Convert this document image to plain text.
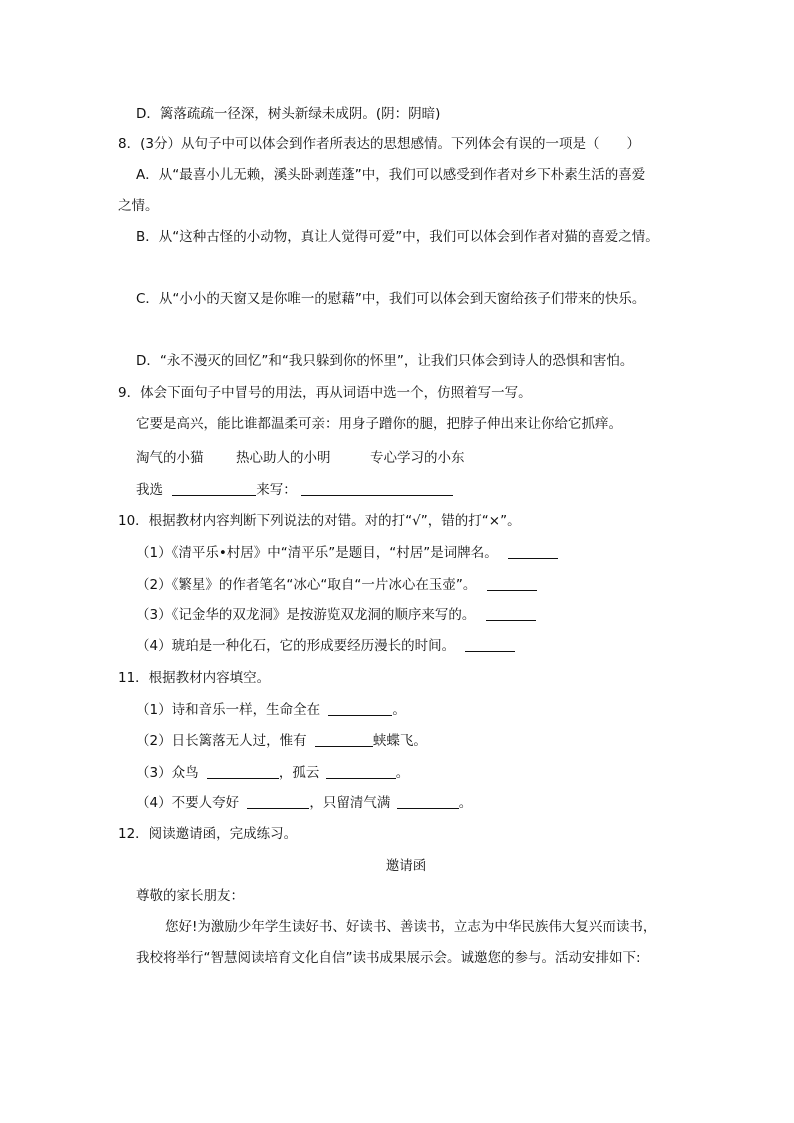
D．篱落疏疏一径深，树头新绿未成阴。(阴：阴暗)
8．(3分）从句子中可以体会到作者所表达的思想感情。下列体会有误的一项是（　　）
A．从“最喜小儿无赖，溪头卧剥莲蓬”中，我们可以感受到作者对乡下朴素生活的喜爱
之情。
B．从“这种古怪的小动物，真让人觉得可爱”中，我们可以体会到作者对猫的喜爱之情。
C．从“小小的天窗又是你唯一的慰藉”中，我们可以体会到天窗给孩子们带来的快乐。
D．“永不漫灭的回忆”和“我只躲到你的怀里”，让我们只体会到诗人的恐惧和害怕。
9．体会下面句子中冒号的用法，再从词语中选一个，仿照着写一写。
它要是高兴，能比谁都温柔可亲：用身子蹭你的腿，把脖子伸出来让你给它抓痒。
淘气的小猫 热心助人的小明	专心学习的小东
我选	来写：
10．根据教材内容判断下列说法的对错。对的打“√”，错的打“×”。
（1）《清平乐•村居》中“清平乐”是题目，“村居”是词牌名。
（2）《繁星》的作者笔名“冰心“取自“一片冰心在玉壶”。
（3）《记金华的双龙洞》是按游览双龙洞的顺序来写的。
（4）琥珀是一种化石，它的形成要经历漫长的时间。
11．根据教材内容填空。
（1）诗和音乐一样，生命全在	。
（2）日长篱落无人过，惟有	蛱蝶飞。
（3）众鸟	，孤云	。
（4）不要人夸好	，只留清气满	。
12．阅读邀请函，完成练习。
邀请函
尊敬的家长朋友：
您好!为激励少年学生读好书、好读书、善读书，立志为中华民族伟大复兴而读书，
我校将举行“智慧阅读培育文化自信”读书成果展示会。诚邀您的参与。活动安排如下:
